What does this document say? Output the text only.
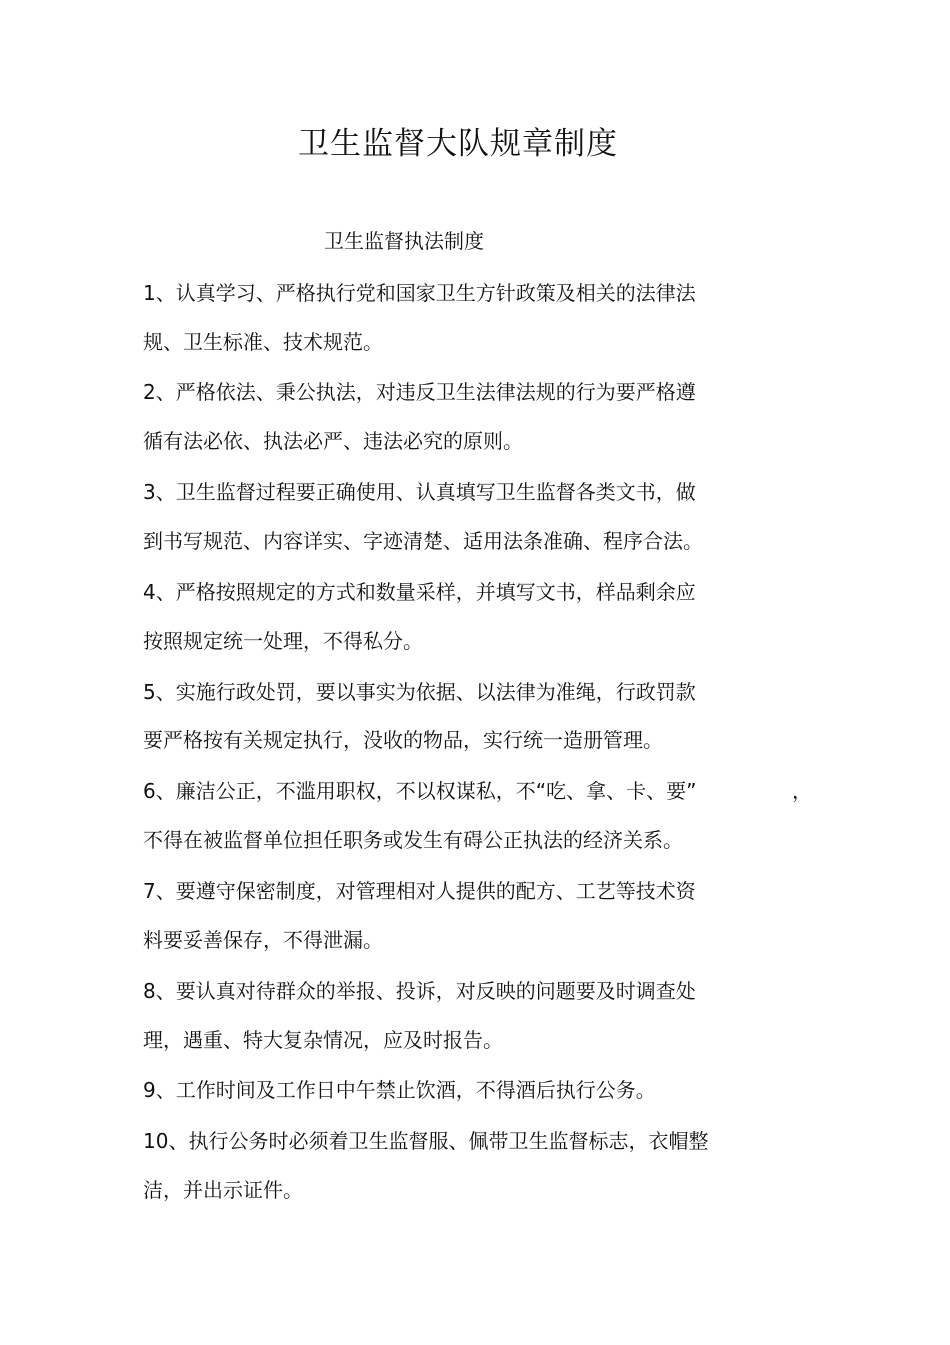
卫生监督大队规章制度
卫生监督执法制度
1、认真学习、严格执行党和国家卫生方针政策及相关的法律法
规、卫生标准、技术规范。
2、严格依法、秉公执法，对违反卫生法律法规的行为要严格遵
循有法必依、执法必严、违法必究的原则。
3、卫生监督过程要正确使用、认真填写卫生监督各类文书，做
到书写规范、内容详实、字迹清楚、适用法条准确、程序合法。
4、严格按照规定的方式和数量采样，并填写文书，样品剩余应
按照规定统一处理，不得私分。
5、实施行政处罚，要以事实为依据、以法律为准绳，行政罚款
要严格按有关规定执行，没收的物品，实行统一造册管理。
6、廉洁公正，不滥用职权，不以权谋私，不“吃、拿、卡、要”	，
不得在被监督单位担任职务或发生有碍公正执法的经济关系。
7、要遵守保密制度，对管理相对人提供的配方、工艺等技术资
料要妥善保存，不得泄漏。
8、要认真对待群众的举报、投诉，对反映的问题要及时调查处
理，遇重、特大复杂情况，应及时报告。
9、工作时间及工作日中午禁止饮酒，不得酒后执行公务。
10、执行公务时必须着卫生监督服、佩带卫生监督标志，衣帽整
洁，并出示证件。
